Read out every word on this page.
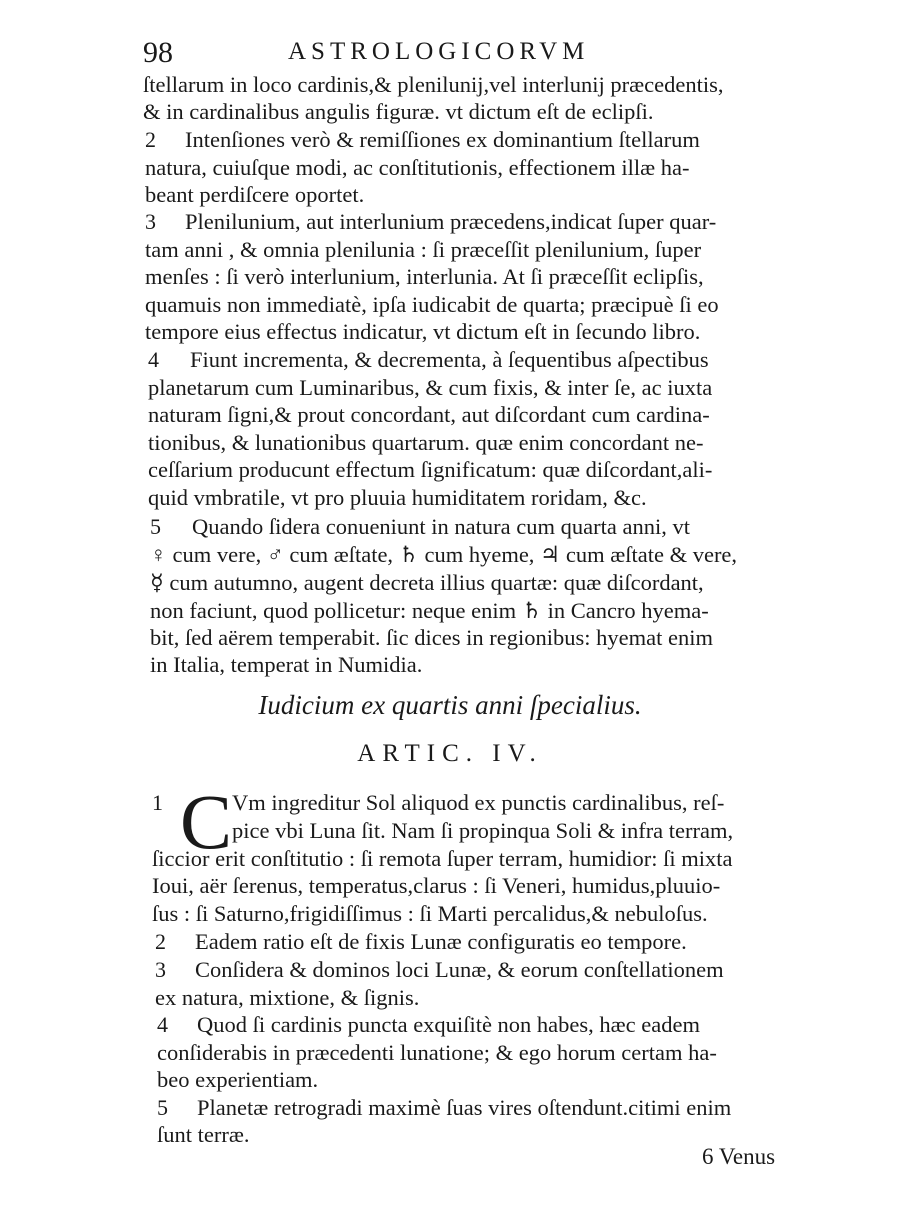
98	ASTROLOGICORVM
ſtellarum in loco cardinis,& plenilunij,vel interlunij præcedentis,
& in cardinalibus angulis figuræ. vt dictum eſt de eclipſi.
2 Intenſiones verò & remiſſiones ex dominantium ſtellarum
natura, cuiuſque modi, ac conſtitutionis, effectionem illæ ha-
beant perdiſcere oportet.
3 Plenilunium, aut interlunium præcedens,indicat ſuper quar-
tam anni , & omnia plenilunia : ſi præceſſit plenilunium, ſuper
menſes : ſi verò interlunium, interlunia. At ſi præceſſit eclipſis,
quamuis non immediatè, ipſa iudicabit de quarta; præcipuè ſi eo
tempore eius effectus indicatur, vt dictum eſt in ſecundo libro.
4 Fiunt incrementa, & decrementa, à ſequentibus aſpectibus
planetarum cum Luminaribus, & cum fixis, & inter ſe, ac iuxta
naturam ſigni,& prout concordant, aut diſcordant cum cardina-
tionibus, & lunationibus quartarum. quæ enim concordant ne-
ceſſarium producunt effectum ſignificatum: quæ diſcordant,ali-
quid vmbratile, vt pro pluuia humiditatem roridam, &c.
5 Quando ſidera conueniunt in natura cum quarta anni, vt
♀ cum vere, ♂ cum æſtate, ♄ cum hyeme, ♃ cum æſtate & vere,
☿ cum autumno, augent decreta illius quartæ: quæ diſcordant,
non faciunt, quod pollicetur: neque enim ♄ in Cancro hyema-
bit, ſed aërem temperabit. ſic dices in regionibus: hyemat enim
in Italia, temperat in Numidia.
Iudicium ex quartis anni ſpecialius.
ARTIC. IV.
1 C Vm ingreditur Sol aliquod ex punctis cardinalibus, reſ-
pice vbi Luna ſit. Nam ſi propinqua Soli & infra terram,
ſiccior erit conſtitutio : ſi remota ſuper terram, humidior: ſi mixta
Ioui, aër ſerenus, temperatus,clarus : ſi Veneri, humidus,pluuio-
ſus : ſi Saturno,frigidiſſimus : ſi Marti percalidus,& nebuloſus.
2 Eadem ratio eſt de fixis Lunæ configuratis eo tempore.
3 Conſidera & dominos loci Lunæ, & eorum conſtellationem
ex natura, mixtione, & ſignis.
4 Quod ſi cardinis puncta exquiſitè non habes, hæc eadem
conſiderabis in præcedenti lunatione; & ego horum certam ha-
beo experientiam.
5 Planetæ retrogradi maximè ſuas vires oſtendunt.citimi enim
ſunt terræ.
6 Venus
